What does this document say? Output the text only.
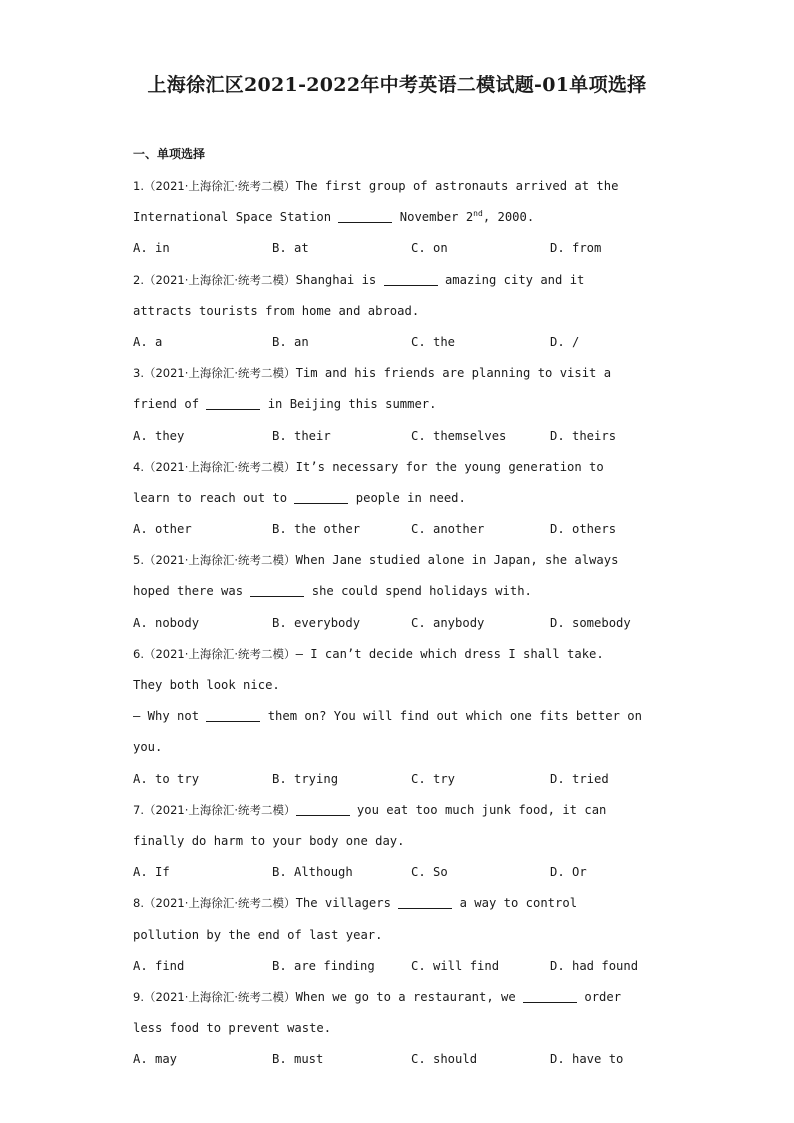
上海徐汇区2021-2022年中考英语二模试题-01单项选择
一、单项选择
1.（2021·上海徐汇·统考二模）The first group of astronauts arrived at the
International Space Station	November 2nd, 2000.
A. in	B. at	C. on	D. from
2.（2021·上海徐汇·统考二模）Shanghai is	amazing city and it
attracts tourists from home and abroad.
A. a	B. an	C. the	D. /
3.（2021·上海徐汇·统考二模）Tim and his friends are planning to visit a
friend of	in Beijing this summer.
A. they	B. their	C. themselves	D. theirs
4.（2021·上海徐汇·统考二模）It’s necessary for the young generation to
learn to reach out to	people in need.
A. other	B. the other	C. another	D. others
5.（2021·上海徐汇·统考二模）When Jane studied alone in Japan, she always
hoped there was	she could spend holidays with.
A. nobody	B. everybody	C. anybody	D. somebody
6.（2021·上海徐汇·统考二模）— I can’t decide which dress I shall take.
They both look nice.
— Why not	them on? You will find out which one fits better on
you.
A. to try	B. trying	C. try	D. tried
7.（2021·上海徐汇·统考二模）	you eat too much junk food, it can
finally do harm to your body one day.
A. If	B. Although	C. So	D. Or
8.（2021·上海徐汇·统考二模）The villagers	a way to control
pollution by the end of last year.
A. find	B. are finding	C. will find	D. had found
9.（2021·上海徐汇·统考二模）When we go to a restaurant, we	order
less food to prevent waste.
A. may	B. must	C. should	D. have to
